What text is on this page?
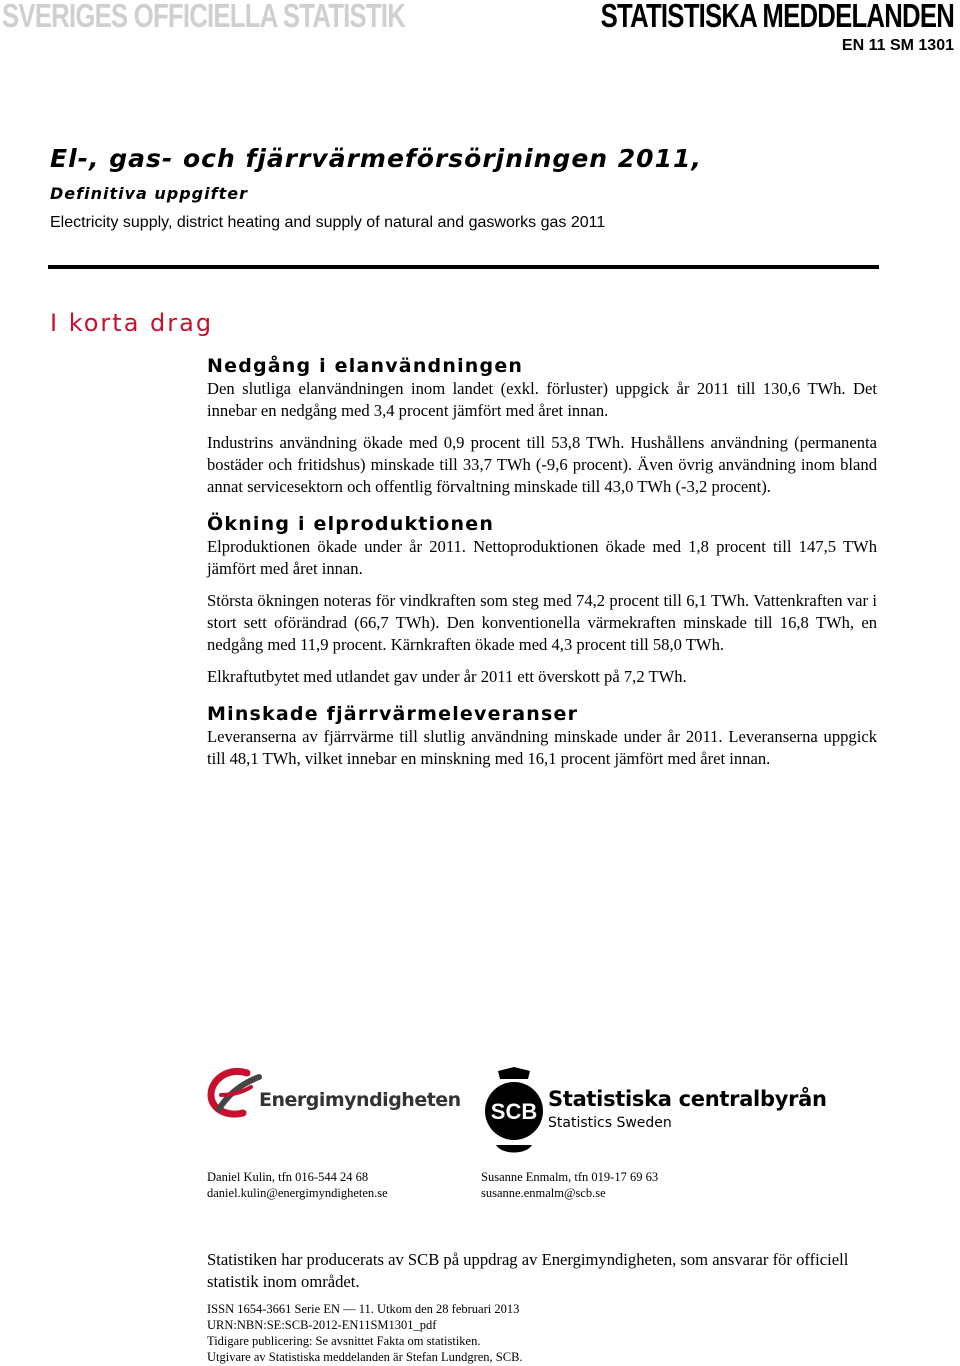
SVERIGES OFFICIELLA STATISTIK	STATISTISKA MEDDELANDEN
EN 11 SM 1301
El-, gas- och fjärrvärmeförsörjningen 2011,
Definitiva uppgifter
Electricity supply, district heating and supply of natural and gasworks gas 2011
I korta drag
Nedgång i elanvändningen

Den slutliga elanvändningen inom landet (exkl. förluster) uppgick år 2011 till 130,6 TWh. Det innebar en nedgång med 3,4 procent jämfört med året innan.

Industrins användning ökade med 0,9 procent till 53,8 TWh. Hushållens användning (permanenta bostäder och fritidshus) minskade till 33,7 TWh (-9,6 procent). Även övrig användning inom bland annat servicesektorn och offentlig förvaltning minskade till 43,0 TWh (-3,2 procent).

Ökning i elproduktionen

Elproduktionen ökade under år 2011. Nettoproduktionen ökade med 1,8 procent till 147,5 TWh jämfört med året innan.

Största ökningen noteras för vindkraften som steg med 74,2 procent till 6,1 TWh. Vattenkraften var i stort sett oförändrad (66,7 TWh). Den konventionella värmekraften minskade till 16,8 TWh, en nedgång med 11,9 procent. Kärnkraften ökade med 4,3 procent till 58,0 TWh.

Elkraftutbytet med utlandet gav under år 2011 ett överskott på 7,2 TWh.

Minskade fjärrvärmeleveranser

Leveranserna av fjärrvärme till slutlig användning minskade under år 2011. Leveranserna uppgick till 48,1 TWh, vilket innebar en minskning med 16,1 procent jämfört med året innan.

Energimyndigheten SCB Statistiska centralbyrån
Statistics Sweden
Daniel Kulin, tfn 016-544 24 68
daniel.kulin@energimyndigheten.se
Susanne Enmalm, tfn 019-17 69 63
susanne.enmalm@scb.se
Statistiken har producerats av SCB på uppdrag av Energimyndigheten, som ansvarar för officiell statistik inom området.
ISSN 1654-3661 Serie EN — 11. Utkom den 28 februari 2013
URN:NBN:SE:SCB-2012-EN11SM1301_pdf
Tidigare publicering: Se avsnittet Fakta om statistiken.
Utgivare av Statistiska meddelanden är Stefan Lundgren, SCB.
